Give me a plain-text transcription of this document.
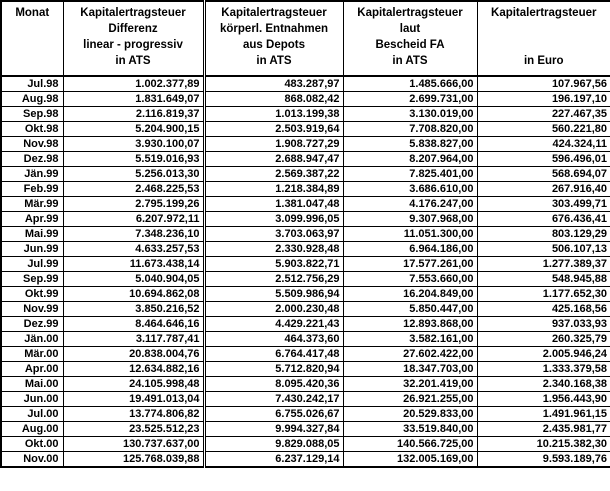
Monat	Kapitalertragsteuer
Differenz
linear - progressiv
in ATS	Kapitalertragsteuer
körperl. Entnahmen
aus Depots
in ATS	Kapitalertragsteuer
laut
Bescheid FA
in ATS	Kapitalertragsteuer
in Euro

Jul.98	1.002.377,89	483.287,97	1.485.666,00	107.967,56
Aug.98	1.831.649,07	868.082,42	2.699.731,00	196.197,10
Sep.98	2.116.819,37	1.013.199,38	3.130.019,00	227.467,35
Okt.98	5.204.900,15	2.503.919,64	7.708.820,00	560.221,80
Nov.98	3.930.100,07	1.908.727,29	5.838.827,00	424.324,11
Dez.98	5.519.016,93	2.688.947,47	8.207.964,00	596.496,01
Jän.99	5.256.013,30	2.569.387,22	7.825.401,00	568.694,07
Feb.99	2.468.225,53	1.218.384,89	3.686.610,00	267.916,40
Mär.99	2.795.199,26	1.381.047,48	4.176.247,00	303.499,71
Apr.99	6.207.972,11	3.099.996,05	9.307.968,00	676.436,41
Mai.99	7.348.236,10	3.703.063,97	11.051.300,00	803.129,29
Jun.99	4.633.257,53	2.330.928,48	6.964.186,00	506.107,13
Jul.99	11.673.438,14	5.903.822,71	17.577.261,00	1.277.389,37
Sep.99	5.040.904,05	2.512.756,29	7.553.660,00	548.945,88
Okt.99	10.694.862,08	5.509.986,94	16.204.849,00	1.177.652,30
Nov.99	3.850.216,52	2.000.230,48	5.850.447,00	425.168,56
Dez.99	8.464.646,16	4.429.221,43	12.893.868,00	937.033,93
Jän.00	3.117.787,41	464.373,60	3.582.161,00	260.325,79
Mär.00	20.838.004,76	6.764.417,48	27.602.422,00	2.005.946,24
Apr.00	12.634.882,16	5.712.820,94	18.347.703,00	1.333.379,58
Mai.00	24.105.998,48	8.095.420,36	32.201.419,00	2.340.168,38
Jun.00	19.491.013,04	7.430.242,17	26.921.255,00	1.956.443,90
Jul.00	13.774.806,82	6.755.026,67	20.529.833,00	1.491.961,15
Aug.00	23.525.512,23	9.994.327,84	33.519.840,00	2.435.981,77
Okt.00	130.737.637,00	9.829.088,05	140.566.725,00	10.215.382,30
Nov.00	125.768.039,88	6.237.129,14	132.005.169,00	9.593.189,76
